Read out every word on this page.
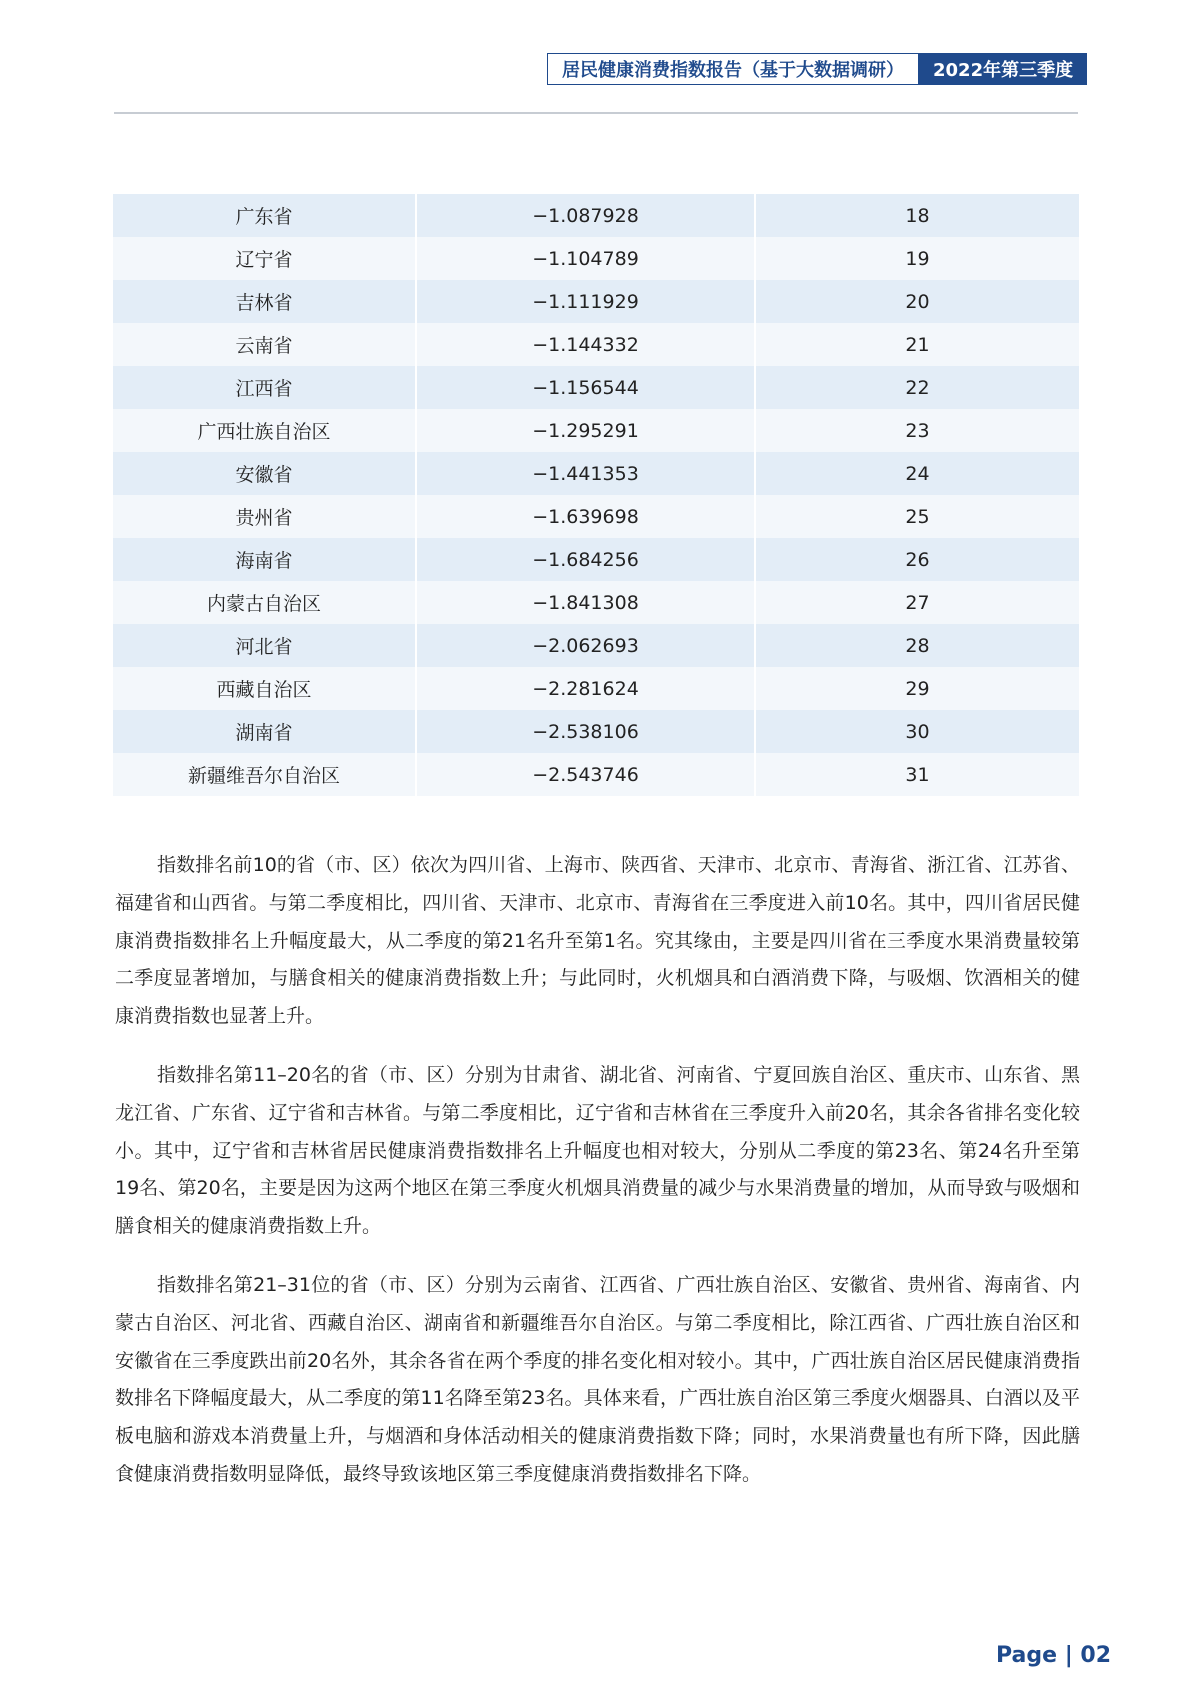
居民健康消费指数报告（基于大数据调研）	2022年第三季度
广东省	−1.087928	18
辽宁省	−1.104789	19
吉林省	−1.111929	20
云南省	−1.144332	21
江西省	−1.156544	22
广西壮族自治区	−1.295291	23
安徽省	−1.441353	24
贵州省	−1.639698	25
海南省	−1.684256	26
内蒙古自治区	−1.841308	27
河北省	−2.062693	28
西藏自治区	−2.281624	29
湖南省	−2.538106	30
新疆维吾尔自治区	−2.543746	31
指数排名前10的省（市、区）依次为四川省、上海市、陕西省、天津市、北京市、青海省、浙江省、江苏省、福建省和山西省。与第二季度相比，四川省、天津市、北京市、青海省在三季度进入前10名。其中，四川省居民健康消费指数排名上升幅度最大，从二季度的第21名升至第1名。究其缘由，主要是四川省在三季度水果消费量较第二季度显著增加，与膳食相关的健康消费指数上升；与此同时，火机烟具和白酒消费下降，与吸烟、饮酒相关的健康消费指数也显著上升。
指数排名第11–20名的省（市、区）分别为甘肃省、湖北省、河南省、宁夏回族自治区、重庆市、山东省、黑龙江省、广东省、辽宁省和吉林省。与第二季度相比，辽宁省和吉林省在三季度升入前20名，其余各省排名变化较小。其中，辽宁省和吉林省居民健康消费指数排名上升幅度也相对较大，分别从二季度的第23名、第24名升至第19名、第20名，主要是因为这两个地区在第三季度火机烟具消费量的减少与水果消费量的增加，从而导致与吸烟和膳食相关的健康消费指数上升。
指数排名第21–31位的省（市、区）分别为云南省、江西省、广西壮族自治区、安徽省、贵州省、海南省、内蒙古自治区、河北省、西藏自治区、湖南省和新疆维吾尔自治区。与第二季度相比，除江西省、广西壮族自治区和安徽省在三季度跌出前20名外，其余各省在两个季度的排名变化相对较小。其中，广西壮族自治区居民健康消费指数排名下降幅度最大，从二季度的第11名降至第23名。具体来看，广西壮族自治区第三季度火烟器具、白酒以及平板电脑和游戏本消费量上升，与烟酒和身体活动相关的健康消费指数下降；同时，水果消费量也有所下降，因此膳食健康消费指数明显降低，最终导致该地区第三季度健康消费指数排名下降。
Page | 02
